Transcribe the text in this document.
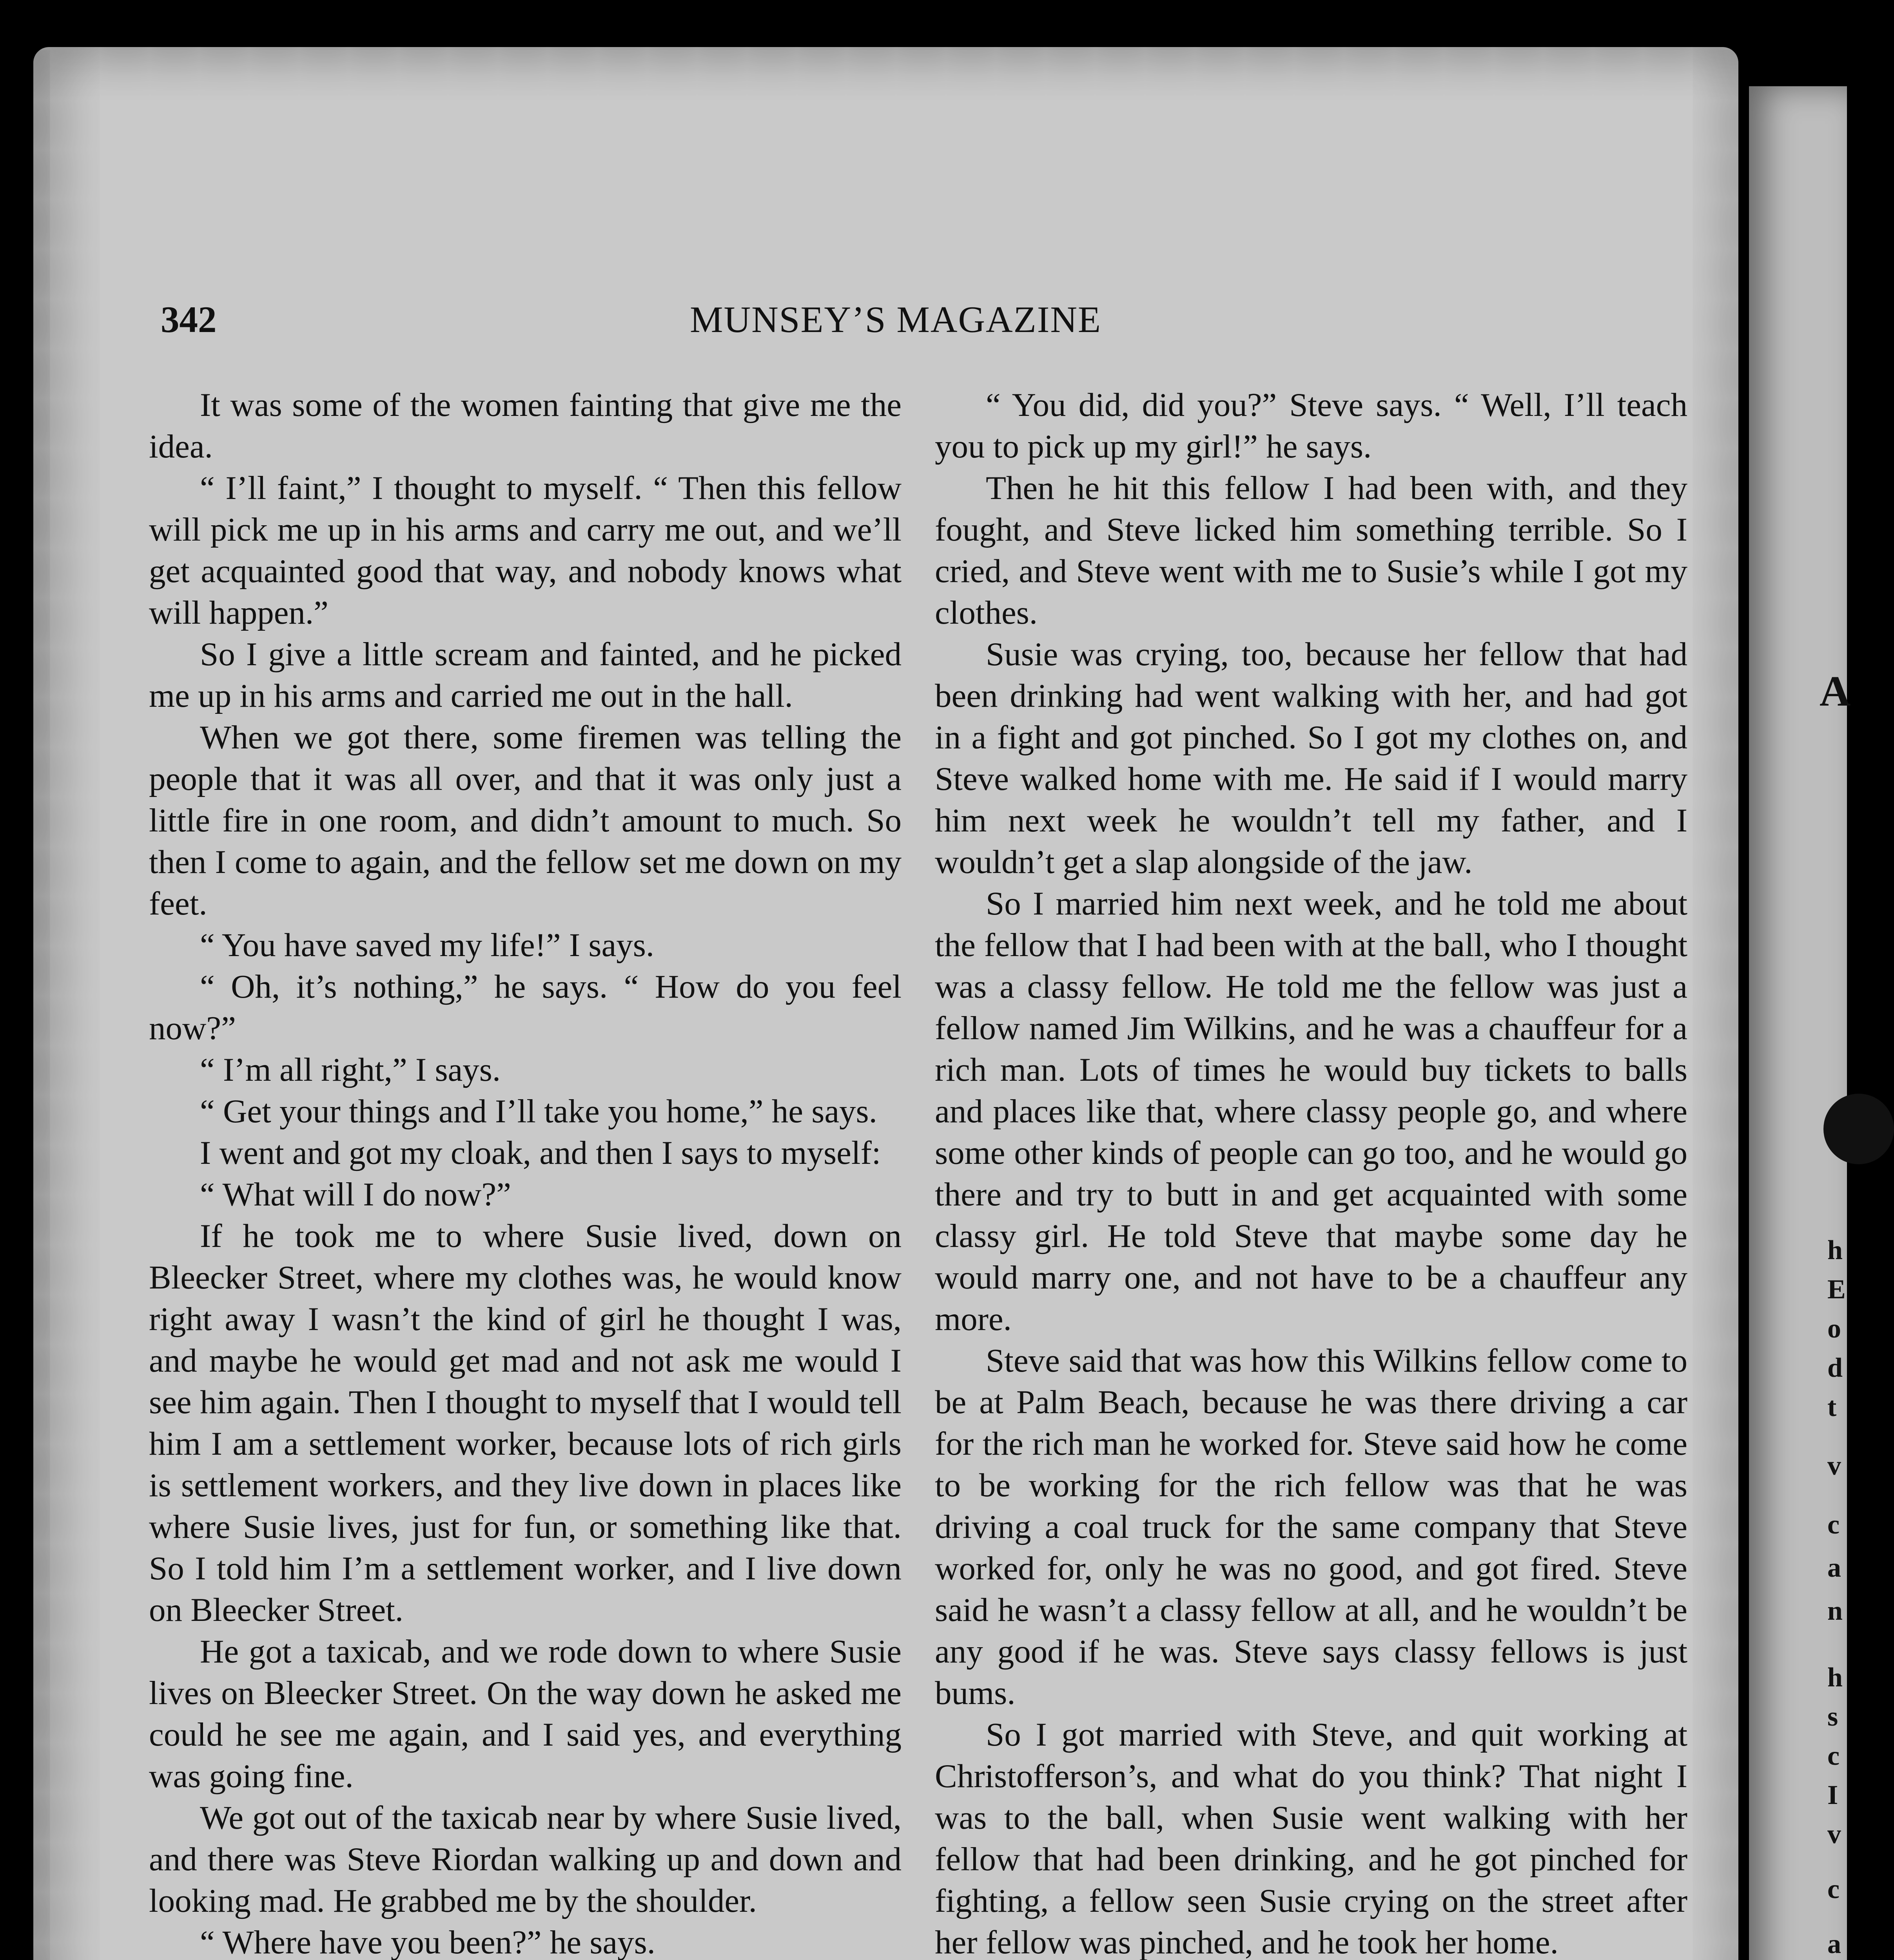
A
h
E
o
d
t
v
c
a
n
h
s
c
I
v
c
a
342	MUNSEY’S MAGAZINE

It was some of the women fainting that give me the idea.

“ I’ll faint,” I thought to myself. “ Then this fellow will pick me up in his arms and carry me out, and we’ll get acquainted good that way, and nobody knows what will happen.”

So I give a little scream and fainted, and he picked me up in his arms and carried me out in the hall.

When we got there, some firemen was telling the people that it was all over, and that it was only just a little fire in one room, and didn’t amount to much. So then I come to again, and the fellow set me down on my feet.

“ You have saved my life!” I says.

“ Oh, it’s nothing,” he says. “ How do you feel now?”

“ I’m all right,” I says.

“ Get your things and I’ll take you home,” he says.

I went and got my cloak, and then I says to myself:

“ What will I do now?”

If he took me to where Susie lived, down on Bleecker Street, where my clothes was, he would know right away I wasn’t the kind of girl he thought I was, and maybe he would get mad and not ask me would I see him again. Then I thought to myself that I would tell him I am a settlement worker, because lots of rich girls is settlement workers, and they live down in places like where Susie lives, just for fun, or something like that. So I told him I’m a settlement worker, and I live down on Bleecker Street.

He got a taxicab, and we rode down to where Susie lives on Bleecker Street. On the way down he asked me could he see me again, and I said yes, and everything was going fine.

We got out of the taxicab near by where Susie lived, and there was Steve Riordan walking up and down and looking mad. He grabbed me by the shoulder.

“ Where have you been?” he says.

“ You did, did you?” Steve says. “ Well, I’ll teach you to pick up my girl!” he says.

Then he hit this fellow I had been with, and they fought, and Steve licked him something terrible. So I cried, and Steve went with me to Susie’s while I got my clothes.

Susie was crying, too, because her fellow that had been drinking had went walking with her, and had got in a fight and got pinched. So I got my clothes on, and Steve walked home with me. He said if I would marry him next week he wouldn’t tell my father, and I wouldn’t get a slap alongside of the jaw.

So I married him next week, and he told me about the fellow that I had been with at the ball, who I thought was a classy fellow. He told me the fellow was just a fellow named Jim Wilkins, and he was a chauffeur for a rich man. Lots of times he would buy tickets to balls and places like that, where classy people go, and where some other kinds of people can go too, and he would go there and try to butt in and get acquainted with some classy girl. He told Steve that maybe some day he would marry one, and not have to be a chauffeur any more.

Steve said that was how this Wilkins fellow come to be at Palm Beach, because he was there driving a car for the rich man he worked for. Steve said how he come to be working for the rich fellow was that he was driving a coal truck for the same company that Steve worked for, only he was no good, and got fired. Steve said he wasn’t a classy fellow at all, and he wouldn’t be any good if he was. Steve says classy fellows is just bums.

So I got married with Steve, and quit working at Christofferson’s, and what do you think? That night I was to the ball, when Susie went walking with her fellow that had been drinking, and he got pinched for fighting, a fellow seen Susie crying on the street after her fellow was pinched, and he took her home.
